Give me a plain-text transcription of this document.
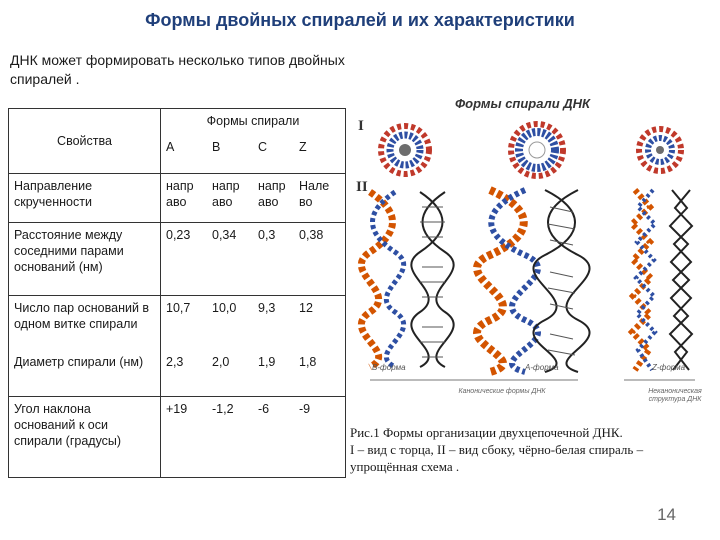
Формы двойных спиралей и их характеристики
ДНК может формировать несколько типов двойных спиралей .
Свойства	Формы спирали			
	A	B	C	Z
Направление скрученности	напр аво	напр аво	напр аво	Нале во
Расстояние между соседними парами оснований (нм)	0,23	0,34	0,3	0,38
Число пар оснований в одном витке спирали	10,7	10,0	9,3	12
Диаметр спирали (нм)	2,3	2,0	1,9	1,8
Угол наклона оснований к оси спирали (градусы)	+19	-1,2	-6	-9
Формы спирали ДНК
I
II
B-форма	A-форма	Z-форма
Канонические формы ДНК	Неканоническая структура ДНК
Рис.1 Формы организации двухцепочечной ДНК.
I – вид с торца, II – вид сбоку, чёрно-белая спираль – упрощённая схема .
14
